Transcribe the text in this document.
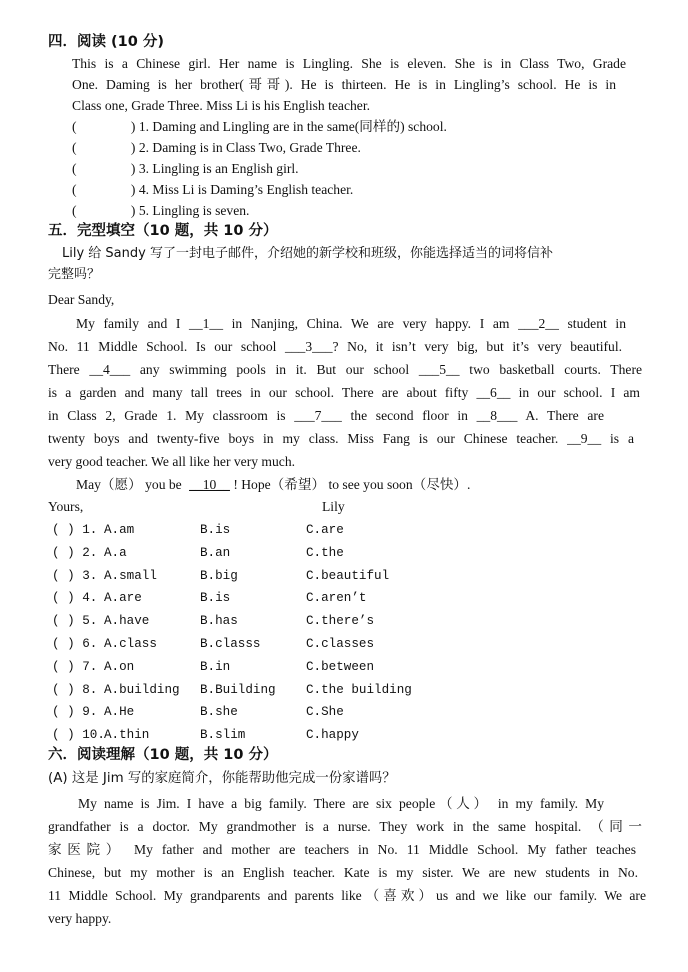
四．阅读 (10 分)
This is a Chinese girl. Her name is Lingling. She is eleven. She is in Class Two, Grade
One. Daming is her brother(哥哥). He is thirteen. He is in Lingling’s school. He is in
Class one, Grade Three. Miss Li is his English teacher.
(                ) 1. Daming and Lingling are in the same(同样的) school.
(                ) 2. Daming is in Class Two, Grade Three.
(                ) 3. Lingling is an English girl.
(                ) 4. Miss Li is Daming’s English teacher.
(                ) 5. Lingling is seven.
五．完型填空（10 题，共 10 分）
Lily 给 Sandy 写了一封电子邮件，介绍她的新学校和班级，你能选择适当的词将信补
完整吗？
Dear Sandy,
My family and I __1__ in Nanjing, China. We are very happy. I am ___2__ student in
No. 11 Middle School. Is our school ___3___? No, it isn’t very big, but it’s very beautiful.
There __4___ any swimming pools in it. But our school ___5__ two basketball courts. There
is a garden and many tall trees in our school. There are about fifty __6__ in our school. I am
in Class 2, Grade 1. My classroom is ___7___ the second floor in __8___ A. There are
twenty boys and twenty-five boys in my class. Miss Fang is our Chinese teacher. __9__ is a
very good teacher. We all like her very much.
May（愿） you be __10__ ! Hope（希望） to see you soon（尽快）.
Yours,	Lily
( ) 1. A.am	B.is	C.are
( ) 2. A.a	B.an	C.the
( ) 3. A.small	B.big	C.beautiful
( ) 4. A.are	B.is	C.aren’t
( ) 5. A.have	B.has	C.there’s
( ) 6. A.class	B.classs	C.classes
( ) 7. A.on	B.in	C.between
( ) 8. A.building B.Building C.the building
( ) 9. A.He	B.she	C.She
( ) 10. A.thin	B.slim	C.happy
六．阅读理解（10 题，共 10 分）
(A) 这是 Jim 写的家庭简介，你能帮助他完成一份家谱吗？
My name is Jim. I have a big family. There are six people（人） in my family. My
grandfather is a doctor. My grandmother is a nurse. They work in the same hospital. （同一
家医院） My father and mother are teachers in No. 11 Middle School. My father teaches
Chinese, but my mother is an English teacher. Kate is my sister. We are new students in No.
11 Middle School. My grandparents and parents like（喜欢）us and we like our family. We are
very happy.
